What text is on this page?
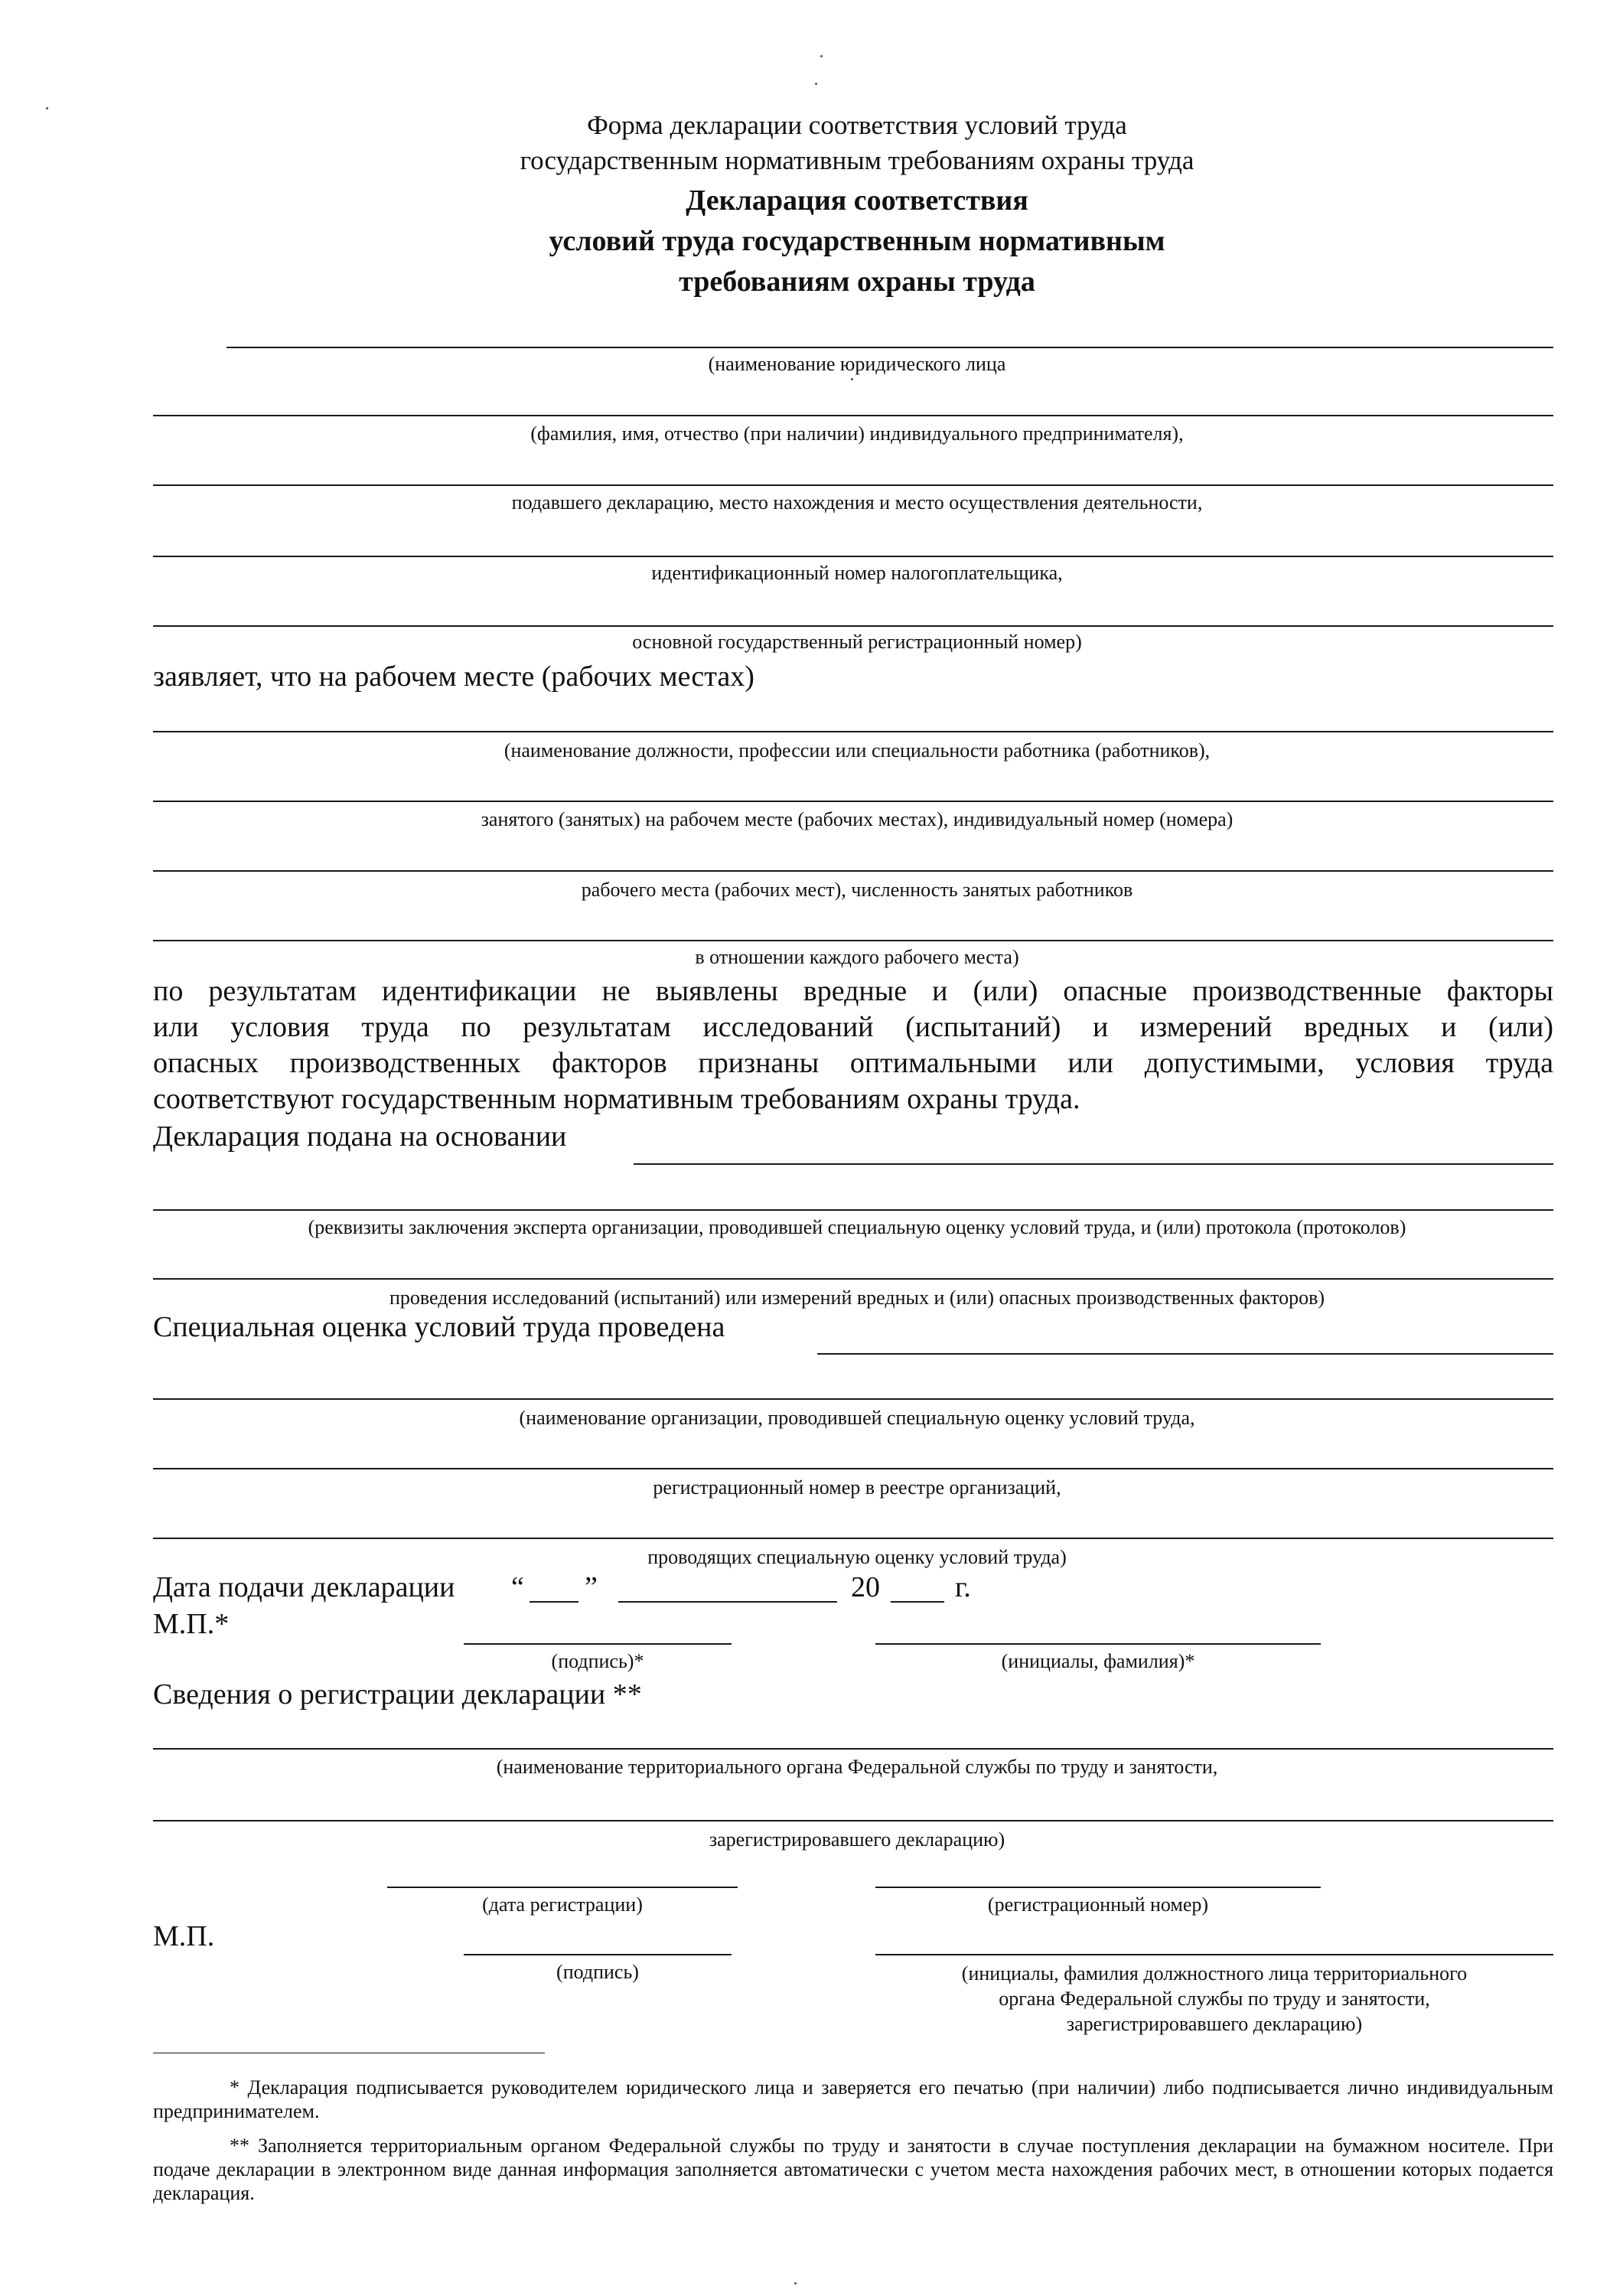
Форма декларации соответствия условий труда
государственным нормативным требованиям охраны труда
Декларация соответствия
условий труда государственным нормативным
требованиям охраны труда
(наименование юридического лица
(фамилия, имя, отчество (при наличии) индивидуального предпринимателя),
подавшего декларацию, место нахождения и место осуществления деятельности,
идентификационный номер налогоплательщика,
основной государственный регистрационный номер)
заявляет, что на рабочем месте (рабочих местах)
(наименование должности, профессии или специальности работника (работников),
занятого (занятых) на рабочем месте (рабочих местах), индивидуальный номер (номера)
рабочего места (рабочих мест), численность занятых работников
в отношении каждого рабочего места)
по результатам идентификации не выявлены вредные и (или) опасные производственные факторы
или условия труда по результатам исследований (испытаний) и измерений вредных и (или)
опасных производственных факторов признаны оптимальными или допустимыми, условия труда
соответствуют государственным нормативным требованиям охраны труда.
Декларация подана на основании
(реквизиты заключения эксперта организации, проводившей специальную оценку условий труда, и (или) протокола (протоколов)
проведения исследований (испытаний) или измерений вредных и (или) опасных производственных факторов)
Специальная оценка условий труда проведена
(наименование организации, проводившей специальную оценку условий труда,
регистрационный номер в реестре организаций,
проводящих специальную оценку условий труда)
Дата подачи декларации “ ”	20	г.
М.П.*
(подпись)*	(инициалы, фамилия)*
Сведения о регистрации декларации **
(наименование территориального органа Федеральной службы по труду и занятости,
зарегистрировавшего декларацию)
(дата регистрации)	(регистрационный номер)
М.П.
(подпись)	(инициалы, фамилия должностного лица территориального
органа Федеральной службы по труду и занятости,
зарегистрировавшего декларацию)
* Декларация подписывается руководителем юридического лица и заверяется его печатью (при наличии) либо подписывается лично индивидуальным предпринимателем.
** Заполняется территориальным органом Федеральной службы по труду и занятости в случае поступления декларации на бумажном носителе. При подаче декларации в электронном виде данная информация заполняется автоматически с учетом места нахождения рабочих мест, в отношении которых подается декларация.
